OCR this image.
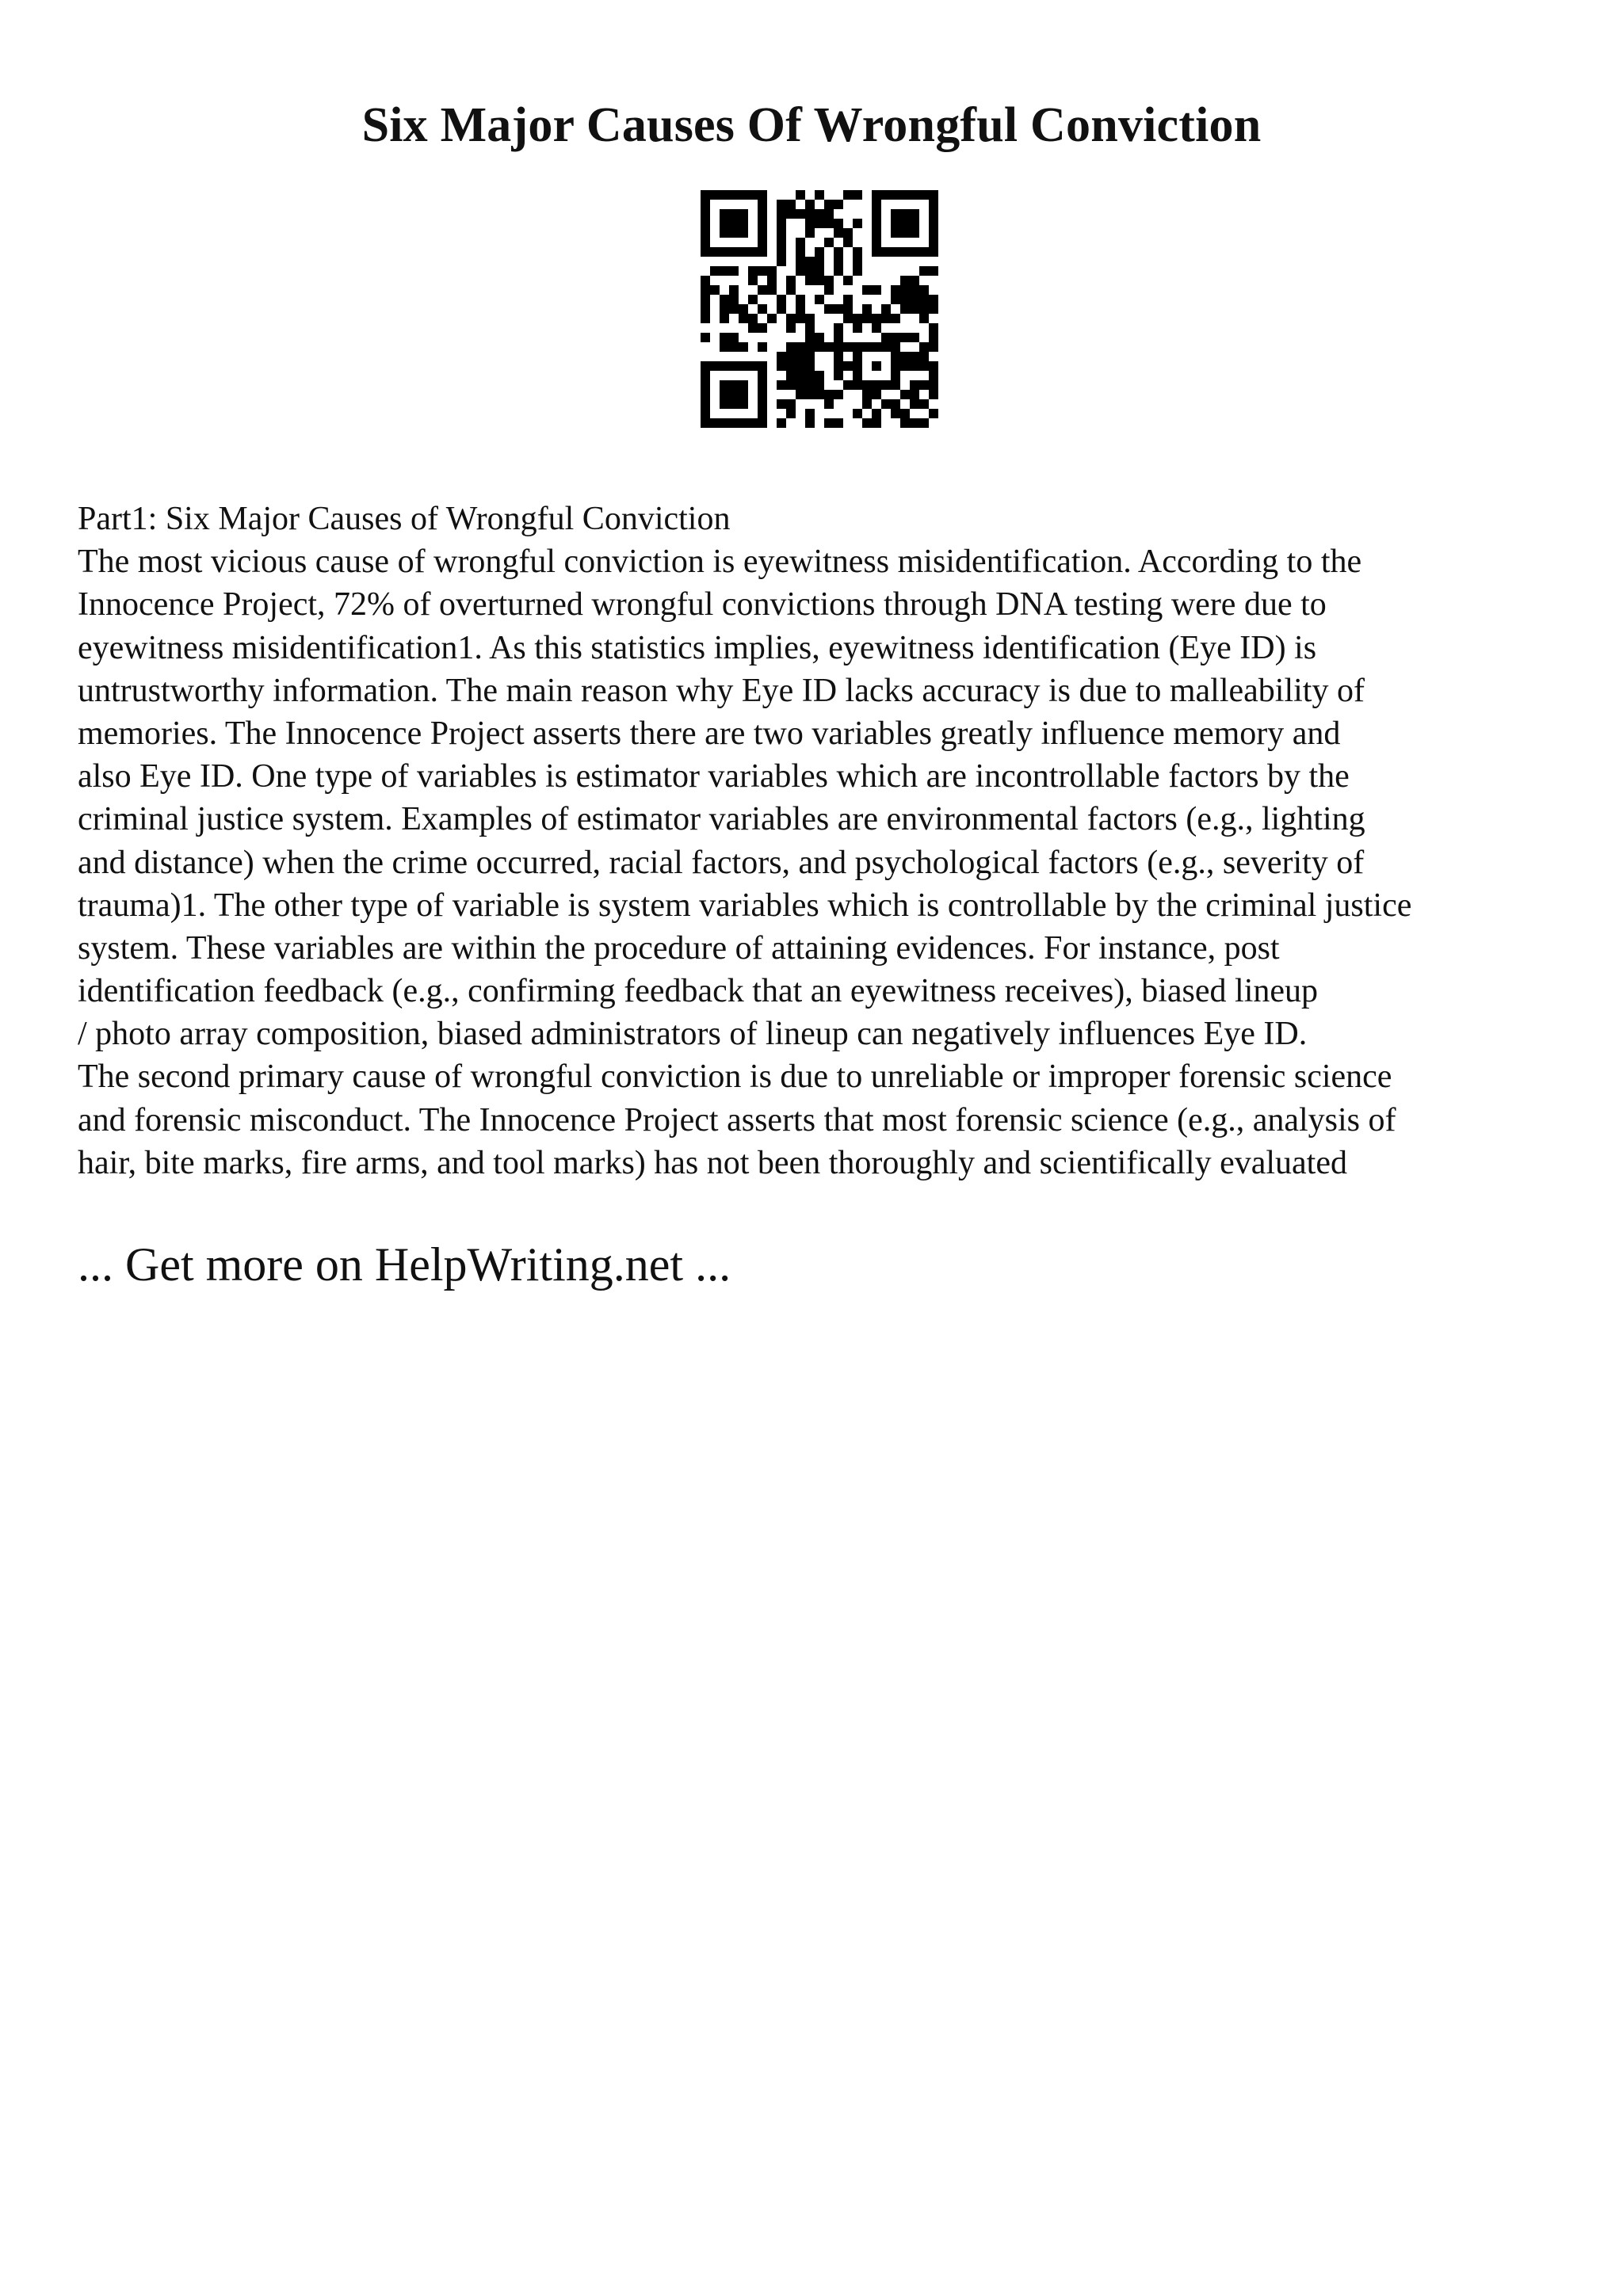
Six Major Causes Of Wrongful Conviction
Part1: Six Major Causes of Wrongful Conviction
The most vicious cause of wrongful conviction is eyewitness misidentification. According to the
Innocence Project, 72% of overturned wrongful convictions through DNA testing were due to
eyewitness misidentification1. As this statistics implies, eyewitness identification (Eye ID) is
untrustworthy information. The main reason why Eye ID lacks accuracy is due to malleability of
memories. The Innocence Project asserts there are two variables greatly influence memory and
also Eye ID. One type of variables is estimator variables which are incontrollable factors by the
criminal justice system. Examples of estimator variables are environmental factors (e.g., lighting
and distance) when the crime occurred, racial factors, and psychological factors (e.g., severity of
trauma)1. The other type of variable is system variables which is controllable by the criminal justice
system. These variables are within the procedure of attaining evidences. For instance, post
identification feedback (e.g., confirming feedback that an eyewitness receives), biased lineup
/ photo array composition, biased administrators of lineup can negatively influences Eye ID.
The second primary cause of wrongful conviction is due to unreliable or improper forensic science
and forensic misconduct. The Innocence Project asserts that most forensic science (e.g., analysis of
hair, bite marks, fire arms, and tool marks) has not been thoroughly and scientifically evaluated

... Get more on HelpWriting.net ...
